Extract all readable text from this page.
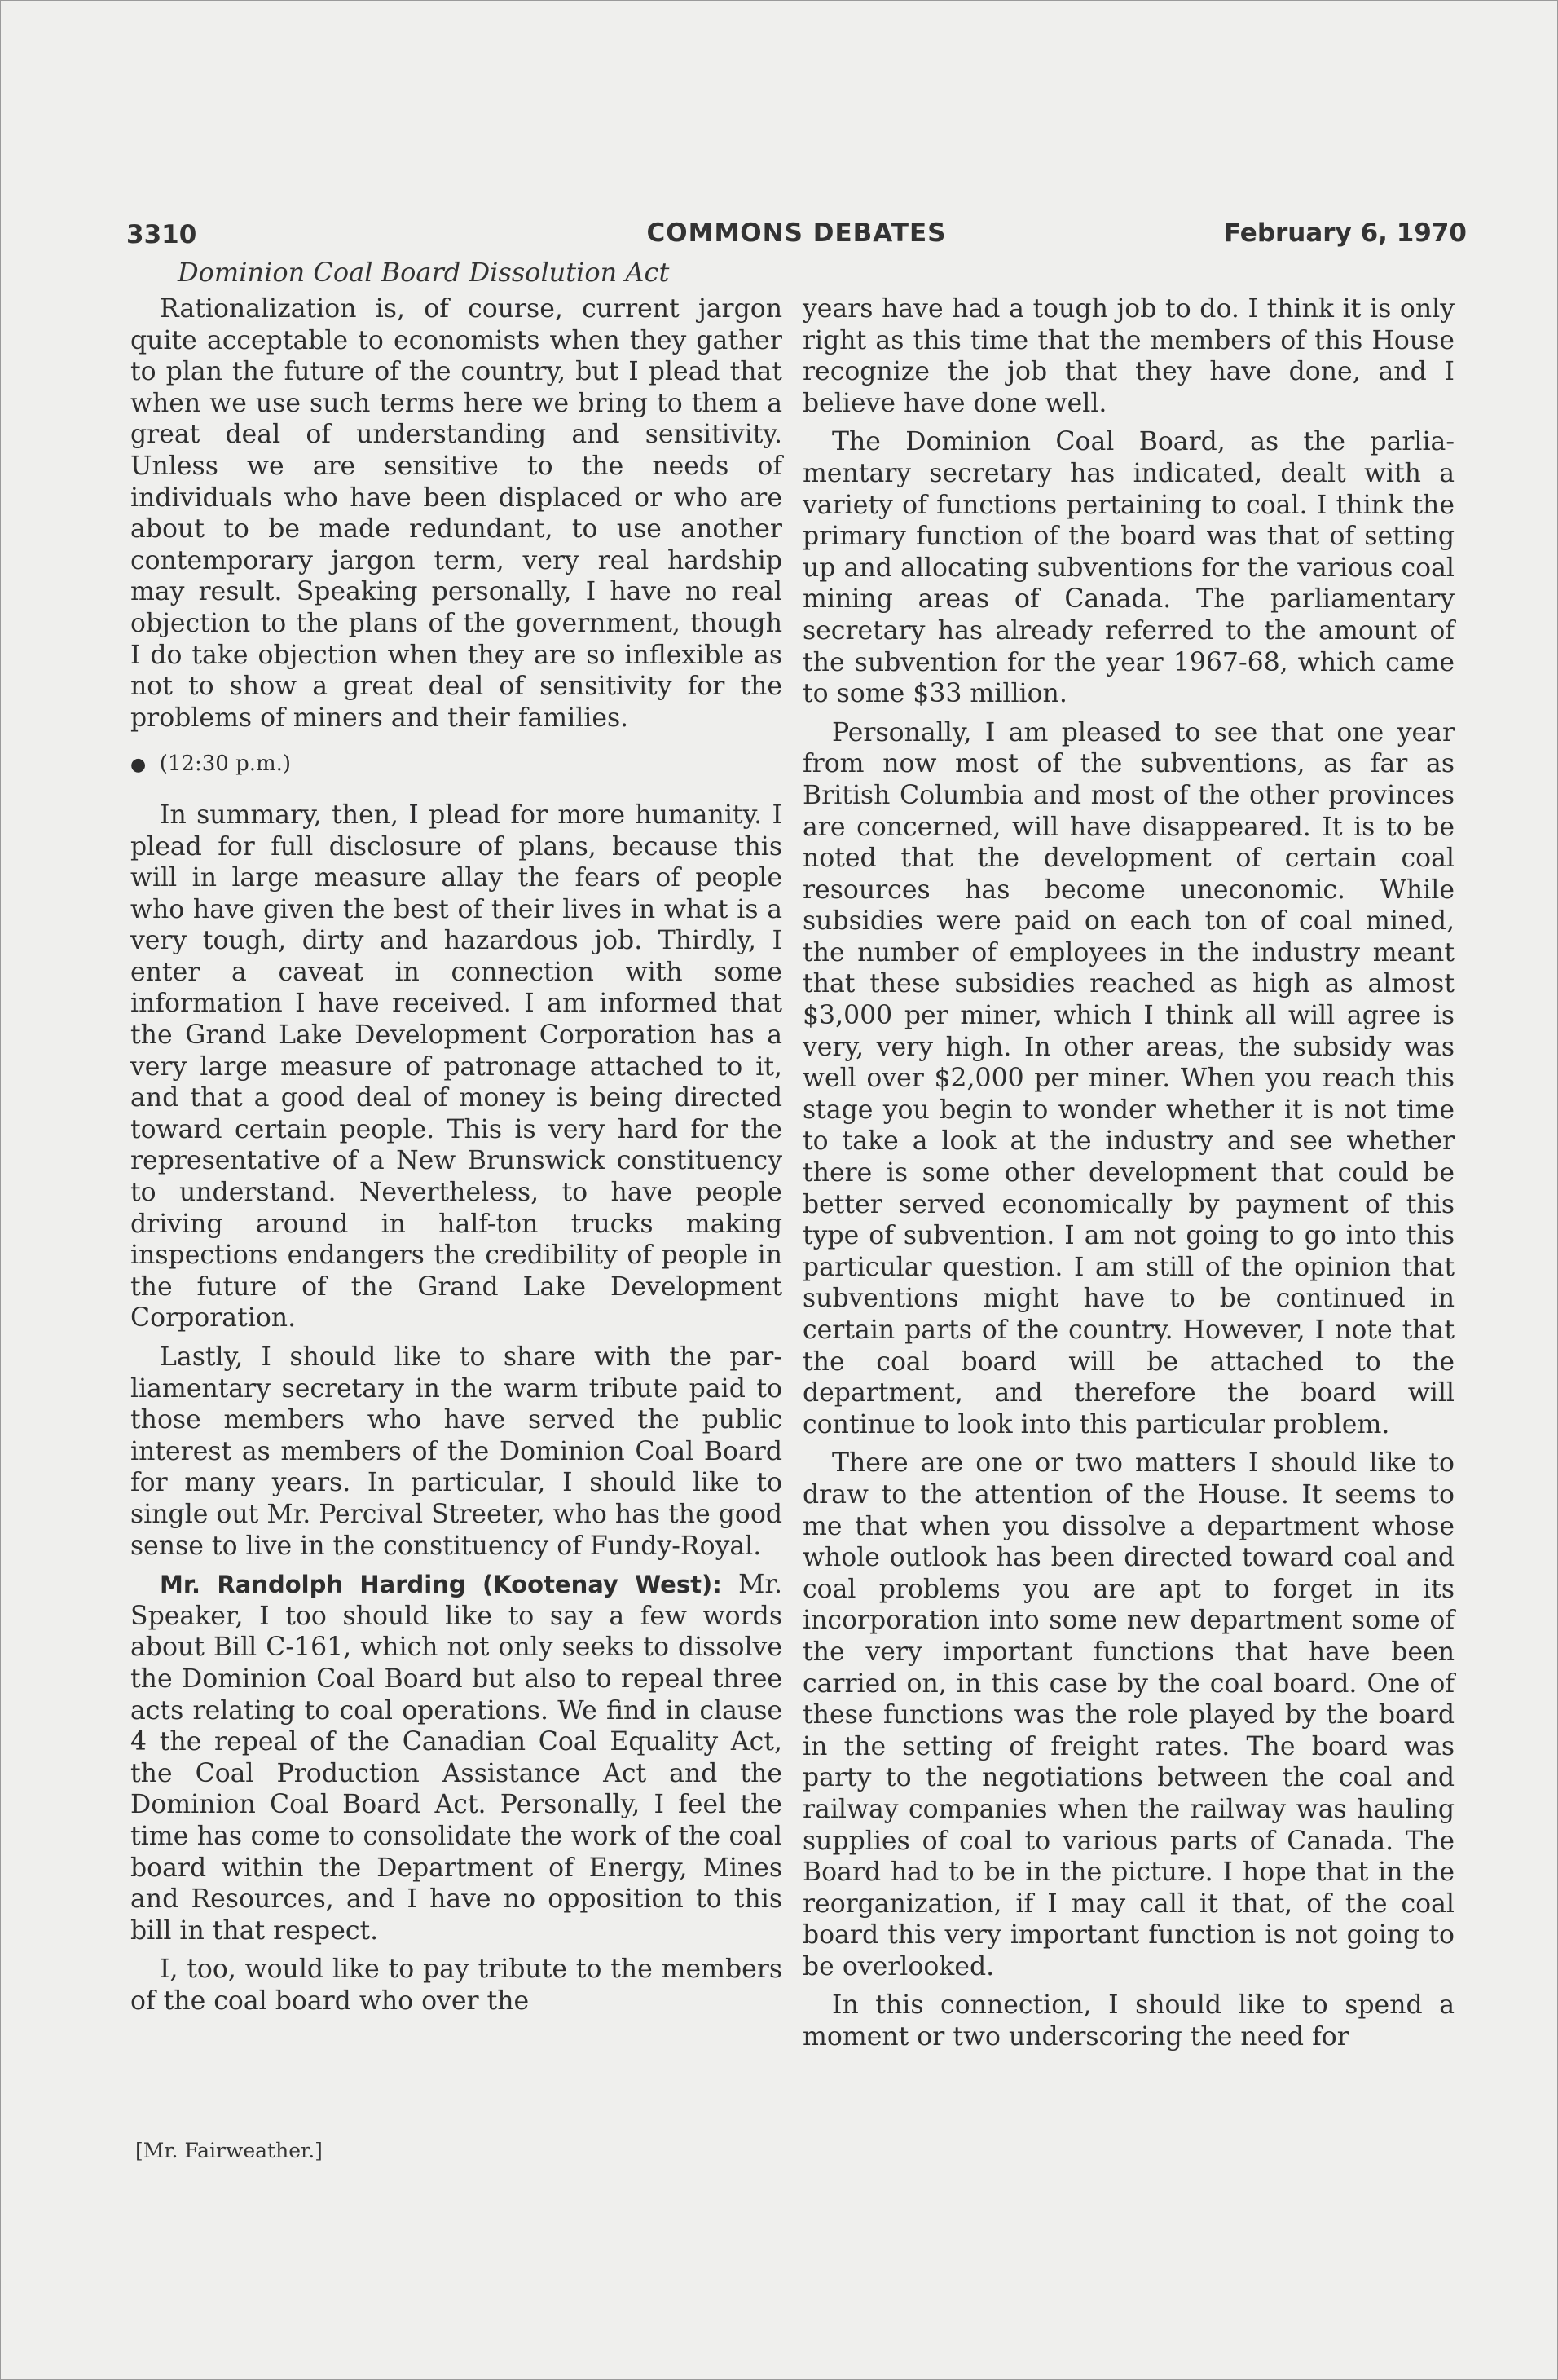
3310	COMMONS DEBATES	February 6, 1970
Dominion Coal Board Dissolution Act

Rationalization is, of course, current jargon quite acceptable to economists when they gather to plan the future of the country, but I plead that when we use such terms here we bring to them a great deal of understanding and sensitivity. Unless we are sensitive to the needs of individuals who have been displaced or who are about to be made redundant, to use another contemporary jargon term, very real hardship may result. Speaking personally, I have no real objection to the plans of the government, though I do take objection when they are so inflexible as not to show a great deal of sensitivity for the problems of miners and their families.

● (12:30 p.m.)

In summary, then, I plead for more humanity. I plead for full disclosure of plans, because this will in large measure allay the fears of people who have given the best of their lives in what is a very tough, dirty and hazardous job. Thirdly, I enter a caveat in connection with some information I have received. I am informed that the Grand Lake Development Corporation has a very large measure of patronage attached to it, and that a good deal of money is being directed toward certain people. This is very hard for the representative of a New Brunswick constituency to understand. Nevertheless, to have people driving around in half-ton trucks making inspections endangers the credibility of people in the future of the Grand Lake Development Corporation.

Lastly, I should like to share with the parliamentary secretary in the warm tribute paid to those members who have served the public interest as members of the Dominion Coal Board for many years. In particular, I should like to single out Mr. Percival Streeter, who has the good sense to live in the constituency of Fundy-Royal.

Mr. Randolph Harding (Kootenay West): Mr. Speaker, I too should like to say a few words about Bill C-161, which not only seeks to dissolve the Dominion Coal Board but also to repeal three acts relating to coal operations. We find in clause 4 the repeal of the Canadian Coal Equality Act, the Coal Production Assistance Act and the Dominion Coal Board Act. Personally, I feel the time has come to consolidate the work of the coal board within the Department of Energy, Mines and Resources, and I have no opposition to this bill in that respect.

I, too, would like to pay tribute to the members of the coal board who over the

years have had a tough job to do. I think it is only right as this time that the members of this House recognize the job that they have done, and I believe have done well.

The Dominion Coal Board, as the parliamentary secretary has indicated, dealt with a variety of functions pertaining to coal. I think the primary function of the board was that of setting up and allocating subventions for the various coal mining areas of Canada. The parliamentary secretary has already referred to the amount of the subvention for the year 1967-68, which came to some $33 million.

Personally, I am pleased to see that one year from now most of the subventions, as far as British Columbia and most of the other provinces are concerned, will have disappeared. It is to be noted that the development of certain coal resources has become uneconomic. While subsidies were paid on each ton of coal mined, the number of employees in the industry meant that these subsidies reached as high as almost $3,000 per miner, which I think all will agree is very, very high. In other areas, the subsidy was well over $2,000 per miner. When you reach this stage you begin to wonder whether it is not time to take a look at the industry and see whether there is some other development that could be better served economically by payment of this type of subvention. I am not going to go into this particular question. I am still of the opinion that subventions might have to be continued in certain parts of the country. However, I note that the coal board will be attached to the department, and therefore the board will continue to look into this particular problem.

There are one or two matters I should like to draw to the attention of the House. It seems to me that when you dissolve a department whose whole outlook has been directed toward coal and coal problems you are apt to forget in its incorporation into some new department some of the very important functions that have been carried on, in this case by the coal board. One of these functions was the role played by the board in the setting of freight rates. The board was party to the negotiations between the coal and railway companies when the railway was hauling supplies of coal to various parts of Canada. The Board had to be in the picture. I hope that in the reorganization, if I may call it that, of the coal board this very important function is not going to be overlooked.

In this connection, I should like to spend a moment or two underscoring the need for

[Mr. Fairweather.]
